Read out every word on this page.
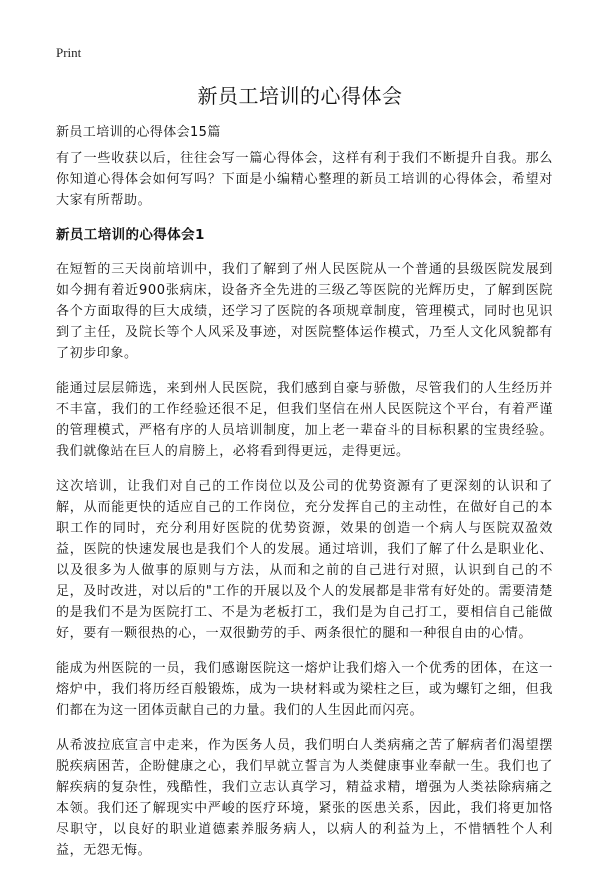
Print
新员工培训的心得体会
新员工培训的心得体会15篇

有了一些收获以后，往往会写一篇心得体会，这样有利于我们不断提升自我。那么你知道心得体会如何写吗？下面是小编精心整理的新员工培训的心得体会，希望对大家有所帮助。

新员工培训的心得体会1

在短暂的三天岗前培训中，我们了解到了州人民医院从一个普通的县级医院发展到如今拥有着近900张病床，设备齐全先进的三级乙等医院的光辉历史，了解到医院各个方面取得的巨大成绩，还学习了医院的各项规章制度，管理模式，同时也见识到了主任，及院长等个人风采及事迹，对医院整体运作模式，乃至人文化风貌都有了初步印象。

能通过层层筛选，来到州人民医院，我们感到自豪与骄傲，尽管我们的人生经历并不丰富，我们的工作经验还很不足，但我们坚信在州人民医院这个平台，有着严谨的管理模式，严格有序的人员培训制度，加上老一辈奋斗的目标积累的宝贵经验。我们就像站在巨人的肩膀上，必将看到得更远，走得更远。

这次培训，让我们对自己的工作岗位以及公司的优势资源有了更深刻的认识和了解，从而能更快的适应自己的工作岗位，充分发挥自己的主动性，在做好自己的本职工作的同时，充分利用好医院的优势资源，效果的创造一个病人与医院双盈效益，医院的快速发展也是我们个人的发展。通过培训，我们了解了什么是职业化、以及很多为人做事的原则与方法，从而和之前的自己进行对照，认识到自己的不足，及时改进，对以后的"工作的开展以及个人的发展都是非常有好处的。需要清楚的是我们不是为医院打工、不是为老板打工，我们是为自己打工，要相信自己能做好，要有一颗很热的心，一双很勤劳的手、两条很忙的腿和一种很自由的心情。

能成为州医院的一员，我们感谢医院这一熔炉让我们熔入一个优秀的团体，在这一熔炉中，我们将历经百般锻炼，成为一块材料或为梁柱之巨，或为螺钉之细，但我们都在为这一团体贡献自己的力量。我们的人生因此而闪亮。

从希波拉底宣言中走来，作为医务人员，我们明白人类病痛之苦了解病者们渴望摆脱疾病困苦，企盼健康之心，我们早就立誓言为人类健康事业奉献一生。我们也了解疾病的复杂性，残酷性，我们立志认真学习，精益求精，增强为人类祛除病痛之本领。我们还了解现实中严峻的医疗环境，紧张的医患关系，因此，我们将更加恪尽职守，以良好的职业道德素养服务病人，以病人的利益为上，不惜牺牲个人利益，无怨无悔。
